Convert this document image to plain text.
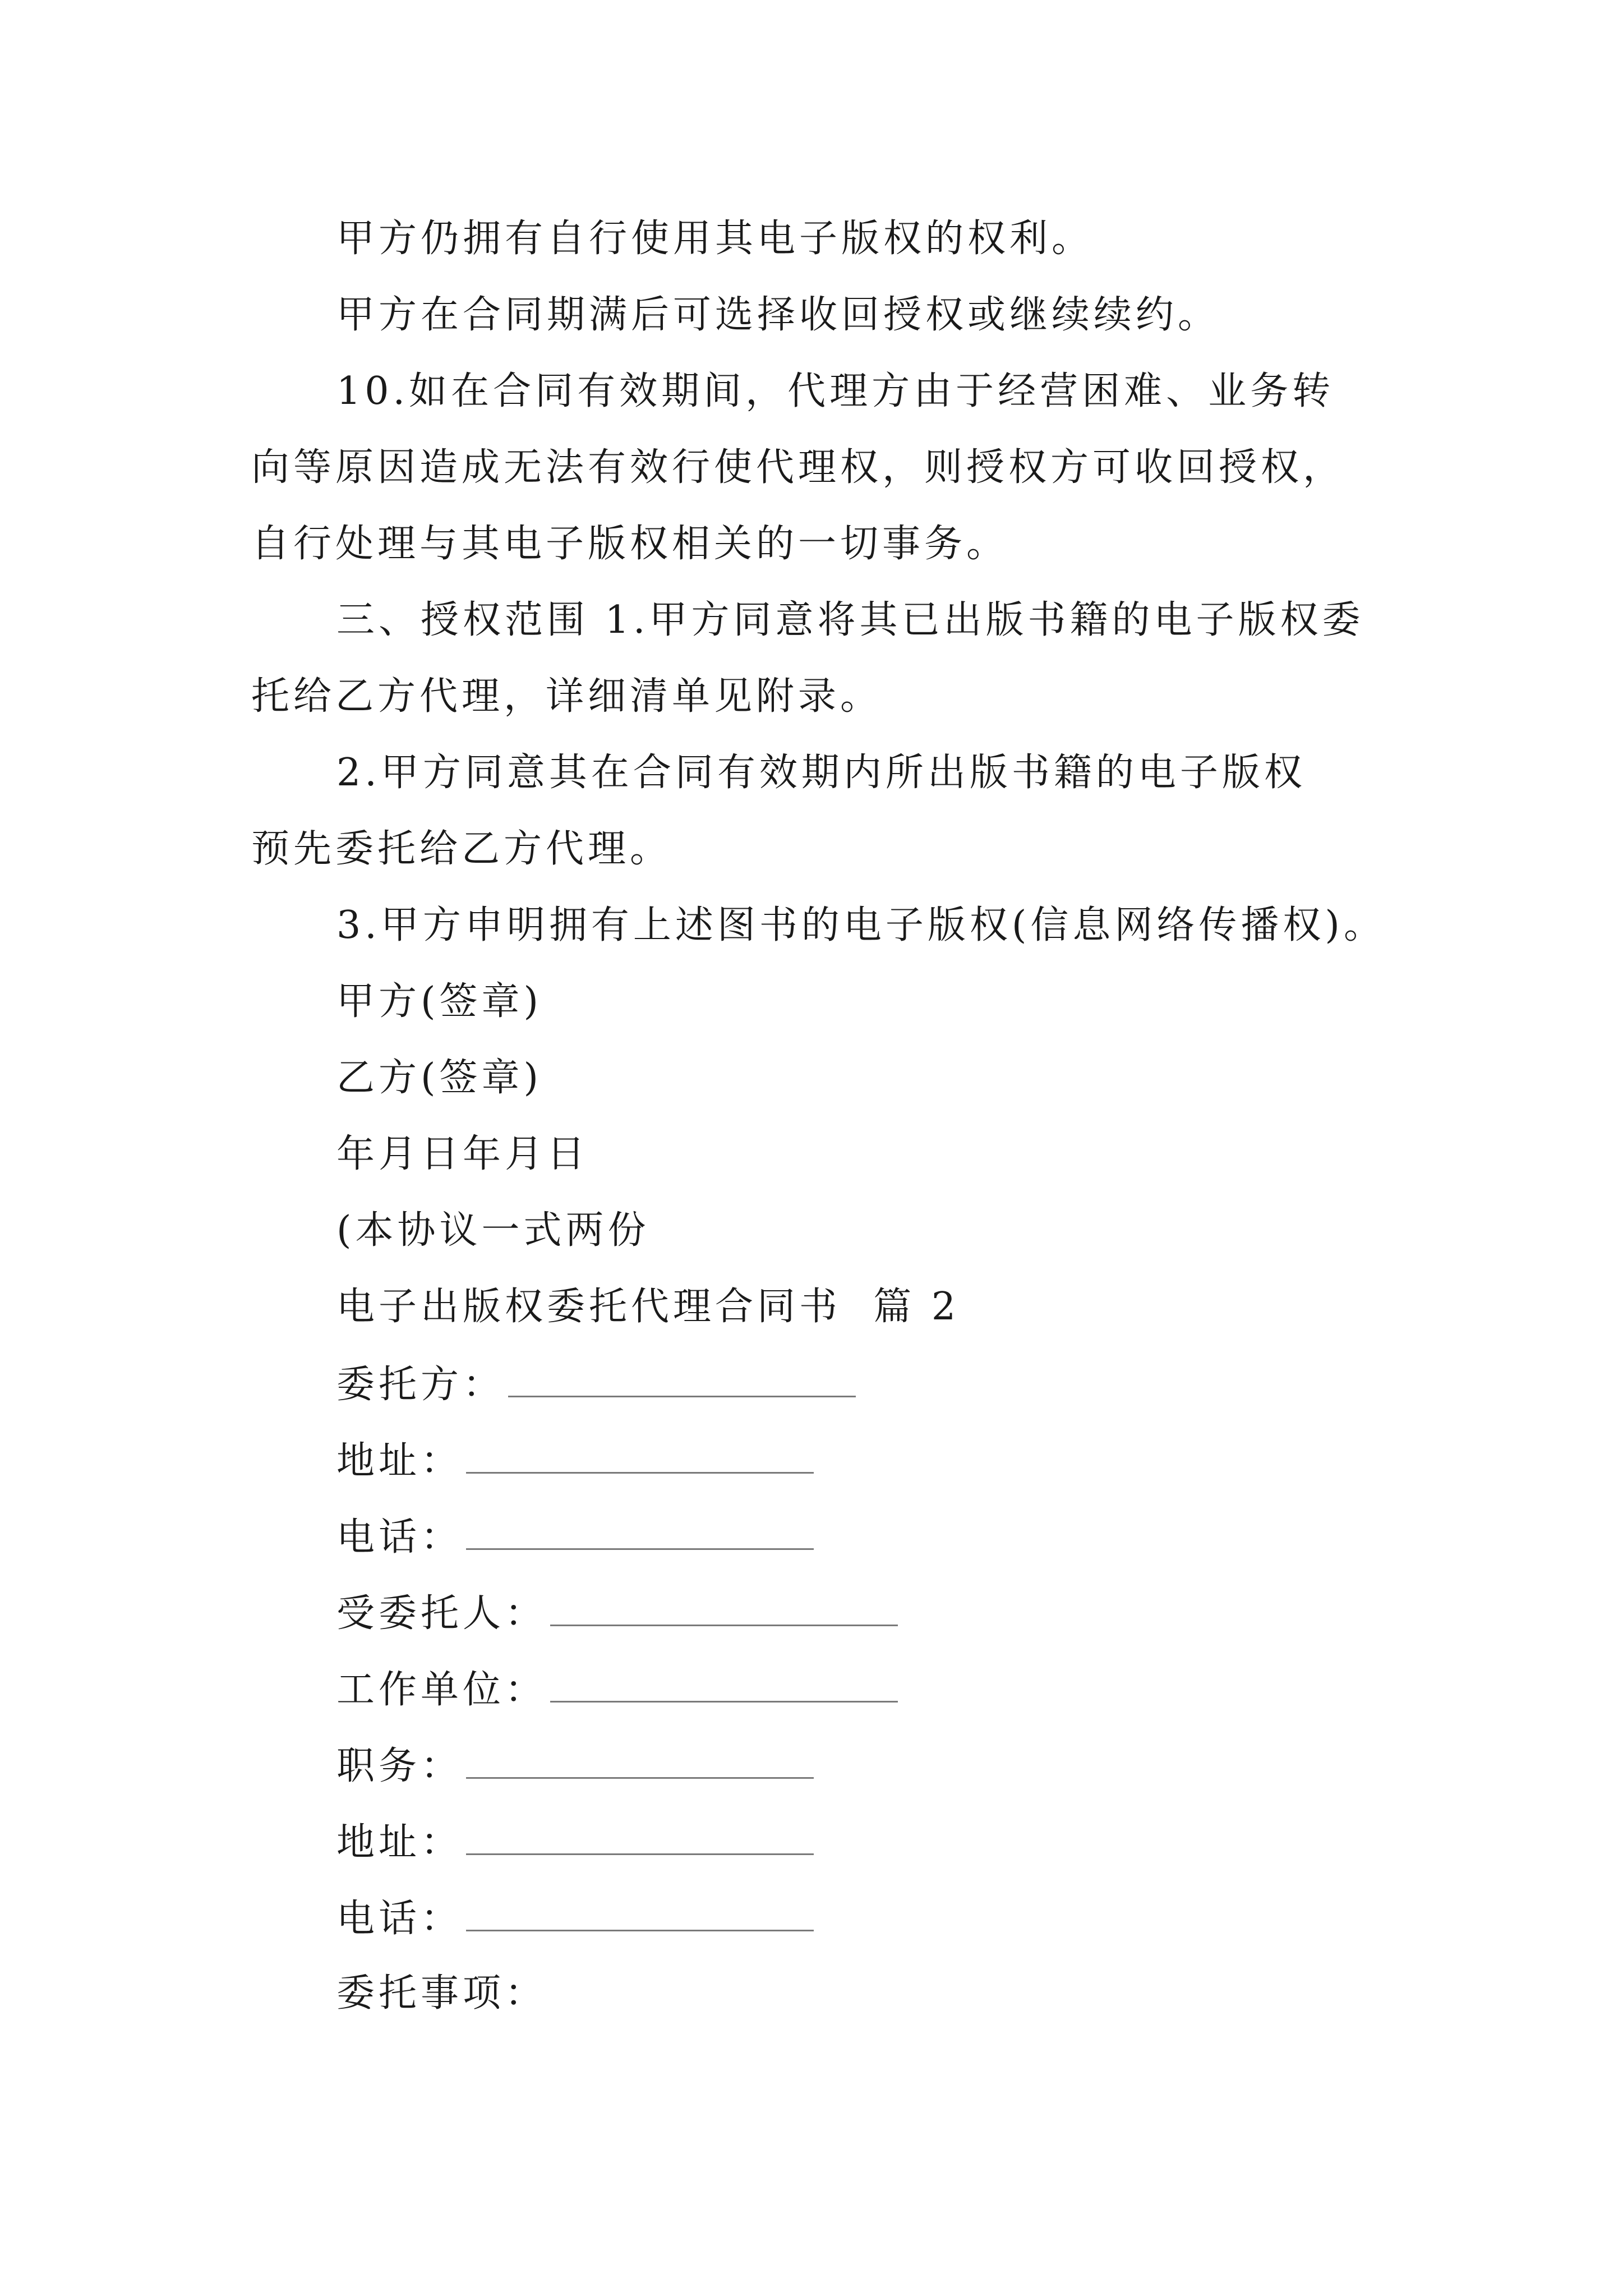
甲方仍拥有自行使用其电子版权的权利。
甲方在合同期满后可选择收回授权或继续续约。
10.如在合同有效期间，代理方由于经营困难、业务转
向等原因造成无法有效行使代理权，则授权方可收回授权，
自行处理与其电子版权相关的一切事务。
三、授权范围 1.甲方同意将其已出版书籍的电子版权委
托给乙方代理，详细清单见附录。
2.甲方同意其在合同有效期内所出版书籍的电子版权
预先委托给乙方代理。
3.甲方申明拥有上述图书的电子版权(信息网络传播权)。
甲方(签章)
乙方(签章)
年月日年月日
(本协议一式两份
电子出版权委托代理合同书  篇 2
委托方：
地址：
电话：
受委托人：
工作单位：
职务：
地址：
电话：
委托事项：
